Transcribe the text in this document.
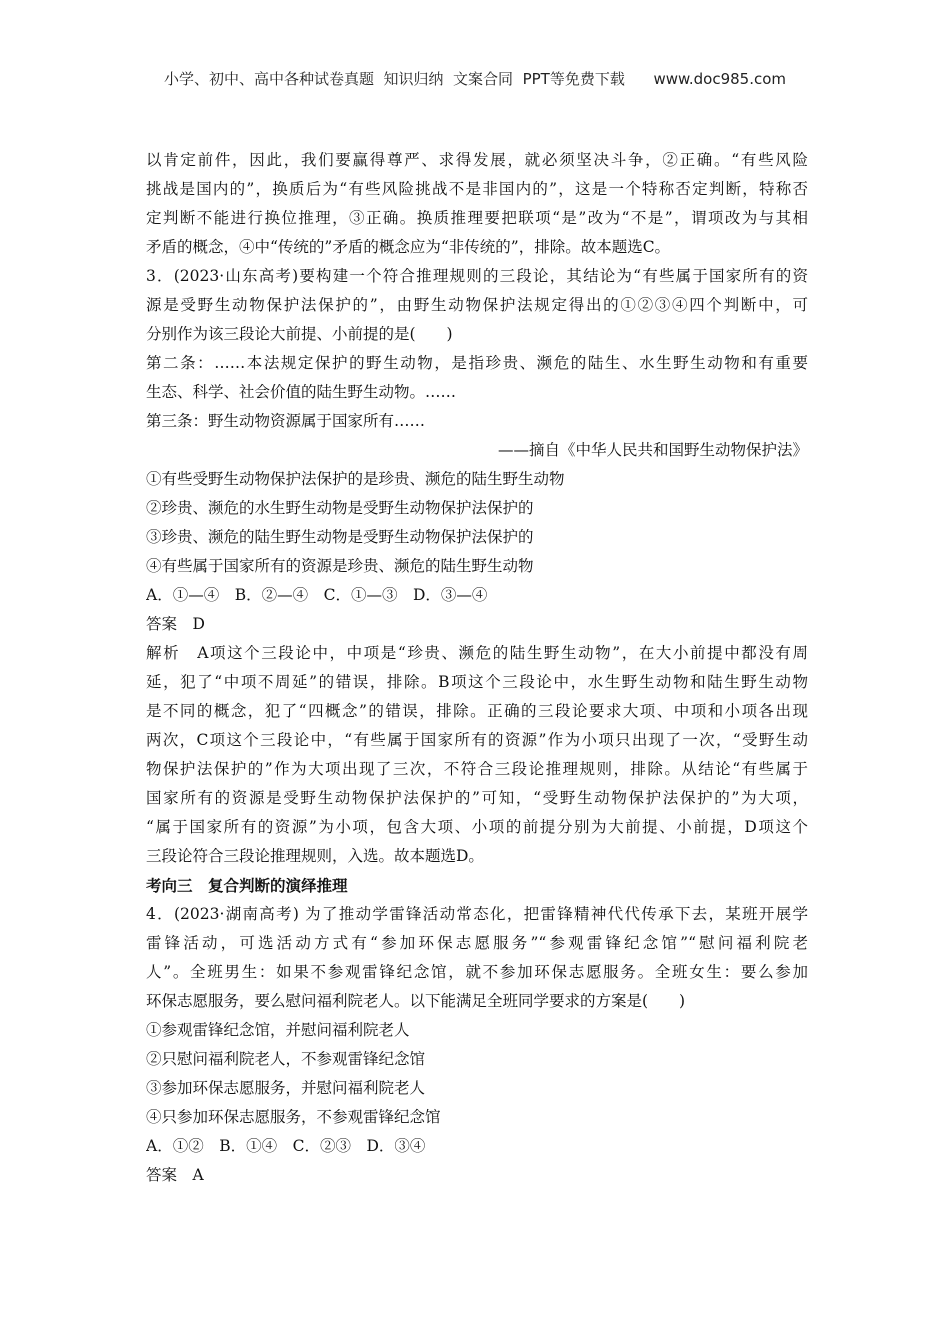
小学、初中、高中各种试卷真题  知识归纳  文案合同  PPT等免费下载      www.doc985.com
以肯定前件，因此，我们要赢得尊严、求得发展，就必须坚决斗争，②正确。“有些风险
挑战是国内的”，换质后为“有些风险挑战不是非国内的”，这是一个特称否定判断，特称否
定判断不能进行换位推理，③正确。换质推理要把联项“是”改为“不是”，谓项改为与其相
矛盾的概念，④中“传统的”矛盾的概念应为“非传统的”，排除。故本题选C。
3．(2023·山东高考)要构建一个符合推理规则的三段论，其结论为“有些属于国家所有的资
源是受野生动物保护法保护的”，由野生动物保护法规定得出的①②③④四个判断中，可
分别作为该三段论大前提、小前提的是(　　)
第二条：……本法规定保护的野生动物，是指珍贵、濒危的陆生、水生野生动物和有重要
生态、科学、社会价值的陆生野生动物。……
第三条：野生动物资源属于国家所有……
——摘自《中华人民共和国野生动物保护法》
①有些受野生动物保护法保护的是珍贵、濒危的陆生野生动物
②珍贵、濒危的水生野生动物是受野生动物保护法保护的
③珍贵、濒危的陆生野生动物是受野生动物保护法保护的
④有些属于国家所有的资源是珍贵、濒危的陆生野生动物
A．①—④　B．②—④　C．①—③　D．③—④
答案　D
解析　A项这个三段论中，中项是“珍贵、濒危的陆生野生动物”，在大小前提中都没有周
延，犯了“中项不周延”的错误，排除。B项这个三段论中，水生野生动物和陆生野生动物
是不同的概念，犯了“四概念”的错误，排除。正确的三段论要求大项、中项和小项各出现
两次，C项这个三段论中，“有些属于国家所有的资源”作为小项只出现了一次，“受野生动
物保护法保护的”作为大项出现了三次，不符合三段论推理规则，排除。从结论“有些属于
国家所有的资源是受野生动物保护法保护的”可知，“受野生动物保护法保护的”为大项，
“属于国家所有的资源”为小项，包含大项、小项的前提分别为大前提、小前提，D项这个
三段论符合三段论推理规则，入选。故本题选D。
考向三　复合判断的演绎推理
4．(2023·湖南高考) 为了推动学雷锋活动常态化，把雷锋精神代代传承下去，某班开展学
雷锋活动，可选活动方式有“参加环保志愿服务”“参观雷锋纪念馆”“慰问福利院老
人”。全班男生：如果不参观雷锋纪念馆，就不参加环保志愿服务。全班女生：要么参加
环保志愿服务，要么慰问福利院老人。以下能满足全班同学要求的方案是(　　)
①参观雷锋纪念馆，并慰问福利院老人
②只慰问福利院老人，不参观雷锋纪念馆
③参加环保志愿服务，并慰问福利院老人
④只参加环保志愿服务，不参观雷锋纪念馆
A．①②　B．①④　C．②③　D．③④
答案　A
